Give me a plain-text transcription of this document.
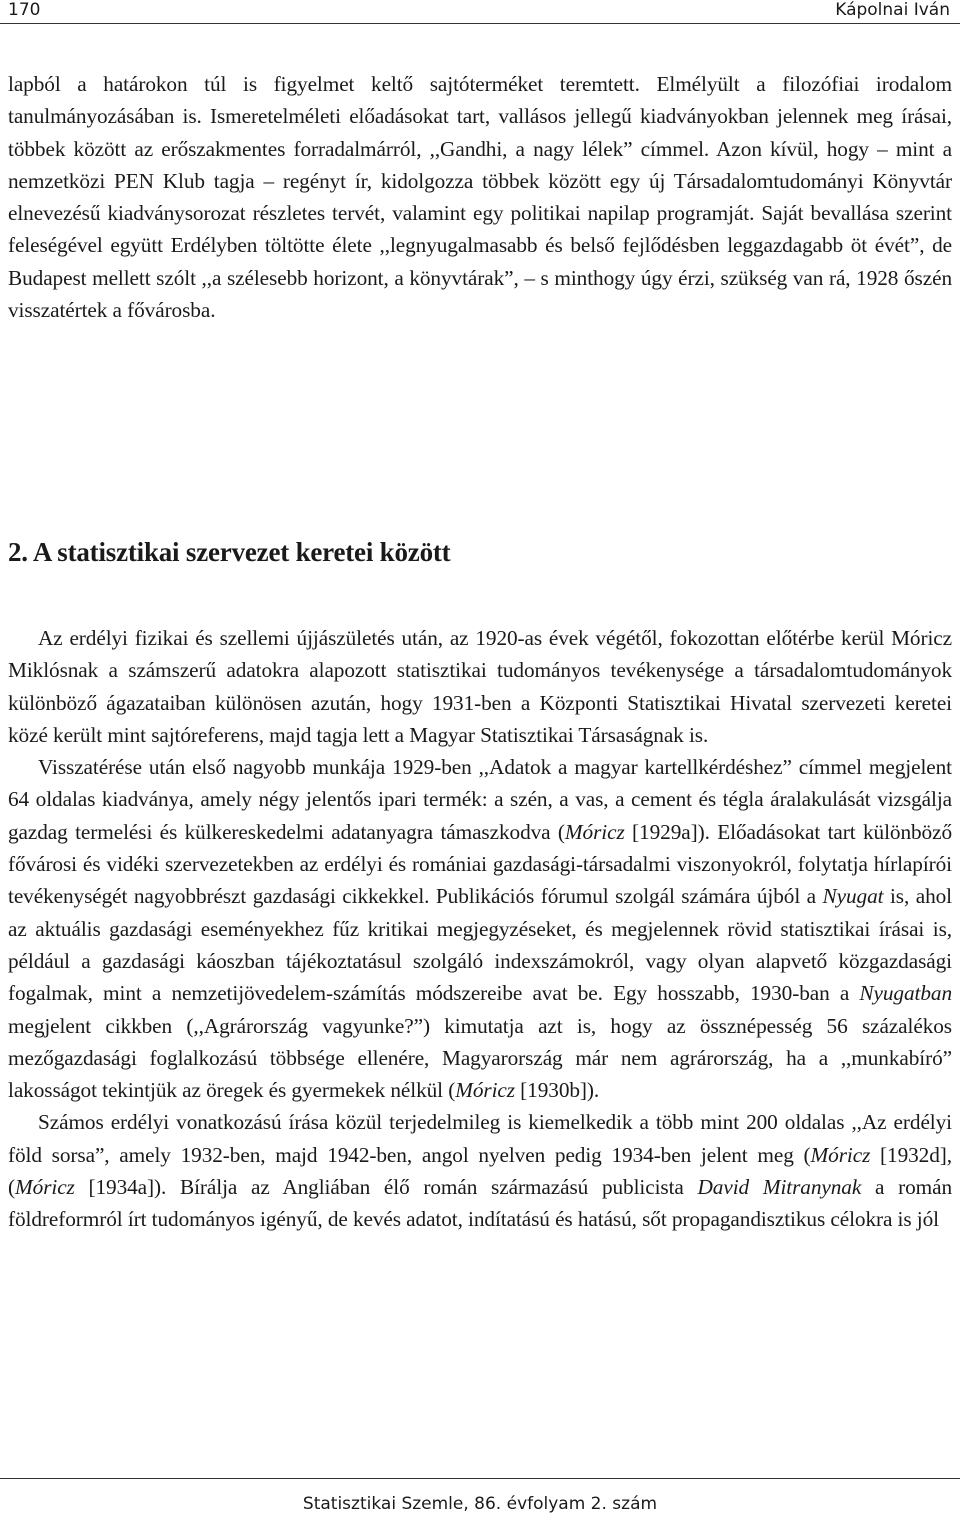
170	Kápolnai Iván

lapból a határokon túl is figyelmet keltő sajtóterméket teremtett. Elmélyült a filozófiai irodalom tanulmányozásában is. Ismeretelméleti előadásokat tart, vallásos jellegű kiadványokban jelennek meg írásai, többek között az erőszakmentes forradalmárról, ,,Gandhi, a nagy lélek” címmel. Azon kívül, hogy – mint a nemzetközi PEN Klub tagja – regényt ír, kidolgozza többek között egy új Társadalomtudományi Könyvtár elnevezésű kiadványsorozat részletes tervét, valamint egy politikai napilap programját. Saját bevallása szerint feleségével együtt Erdélyben töltötte élete ,,legnyugalmasabb és belső fejlődésben leggazdagabb öt évét”, de Budapest mellett szólt ,,a szélesebb horizont, a könyvtárak”, – s minthogy úgy érzi, szükség van rá, 1928 őszén visszatértek a fővárosba.

2. A statisztikai szervezet keretei között

Az erdélyi fizikai és szellemi újjászületés után, az 1920-as évek végétől, fokozottan előtérbe kerül Móricz Miklósnak a számszerű adatokra alapozott statisztikai tudományos tevékenysége a társadalomtudományok különböző ágazataiban különösen azután, hogy 1931-ben a Központi Statisztikai Hivatal szervezeti keretei közé került mint sajtóreferens, majd tagja lett a Magyar Statisztikai Társaságnak is.

Visszatérése után első nagyobb munkája 1929-ben ,,Adatok a magyar kartellkérdéshez” címmel megjelent 64 oldalas kiadványa, amely négy jelentős ipari termék: a szén, a vas, a cement és tégla áralakulását vizsgálja gazdag termelési és külkereskedelmi adatanyagra támaszkodva (Móricz [1929a]). Előadásokat tart különböző fővárosi és vidéki szervezetekben az erdélyi és romániai gazdasági-társadalmi viszonyokról, folytatja hírlapírói tevékenységét nagyobbrészt gazdasági cikkekkel. Publikációs fórumul szolgál számára újból a Nyugat is, ahol az aktuális gazdasági eseményekhez fűz kritikai megjegyzéseket, és megjelennek rövid statisztikai írásai is, például a gazdasági káoszban tájékoztatásul szolgáló indexszámokról, vagy olyan alapvető közgazdasági fogalmak, mint a nemzetijövedelem-számítás módszereibe avat be. Egy hosszabb, 1930-ban a Nyugatban megjelent cikkben (,,Agrárország vagyunke?”) kimutatja azt is, hogy az össznépesség 56 százalékos mezőgazdasági foglalkozású többsége ellenére, Magyarország már nem agrárország, ha a ,,munkabíró” lakosságot tekintjük az öregek és gyermekek nélkül (Móricz [1930b]).

Számos erdélyi vonatkozású írása közül terjedelmileg is kiemelkedik a több mint 200 oldalas ,,Az erdélyi föld sorsa”, amely 1932-ben, majd 1942-ben, angol nyelven pedig 1934-ben jelent meg (Móricz [1932d], (Móricz [1934a]). Bírálja az Angliában élő román származású publicista David Mitranynak a román földreformról írt tudományos igényű, de kevés adatot, indítatású és hatású, sőt propagandisztikus célokra is jól

Statisztikai Szemle, 86. évfolyam 2. szám
